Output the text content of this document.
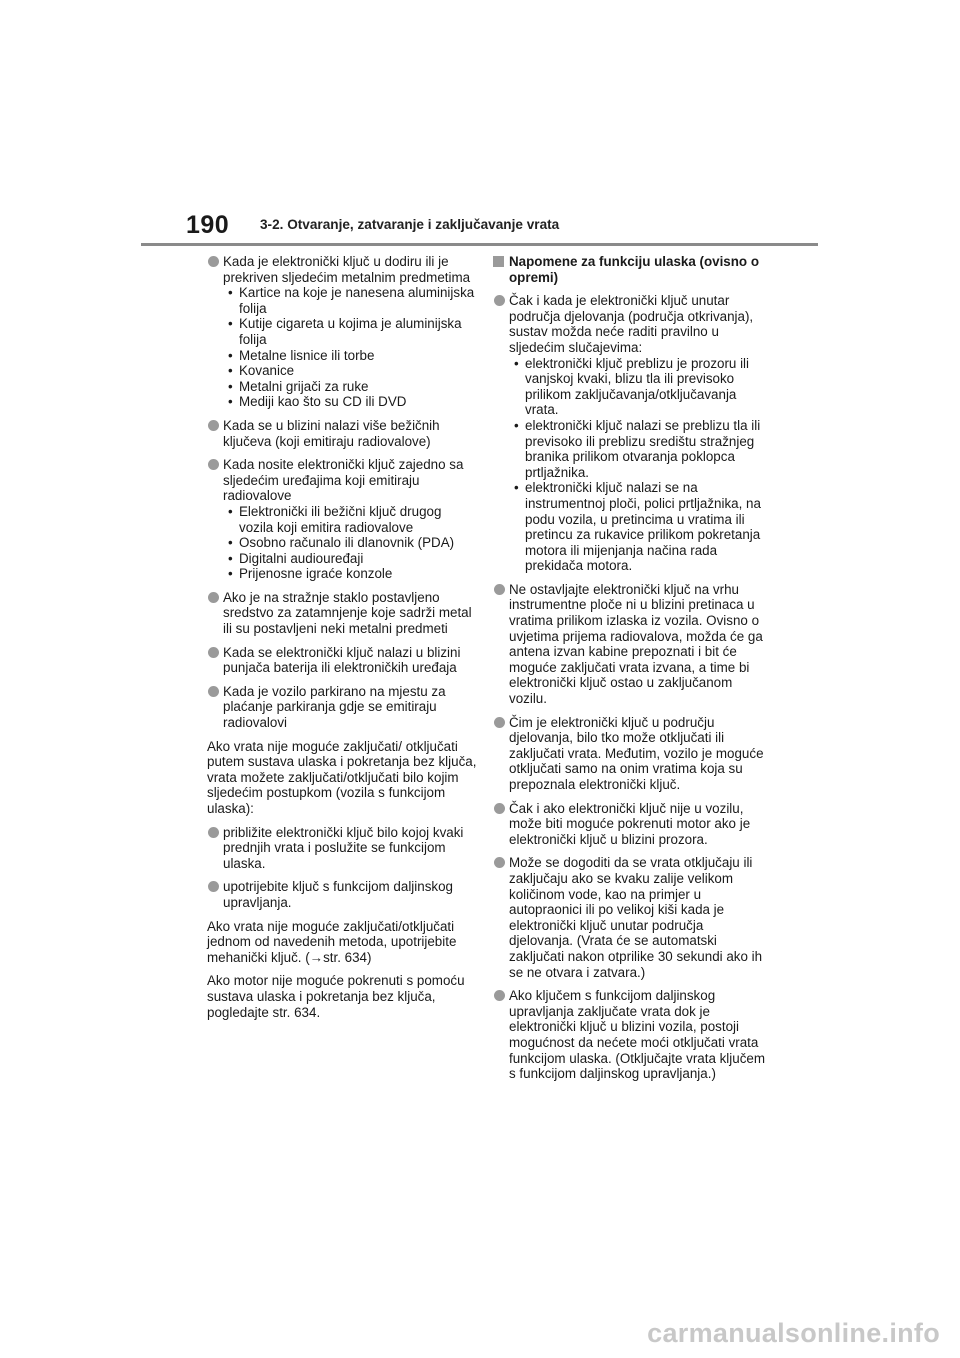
190 3-2. Otvaranje, zatvaranje i zaključavanje vrata
Kada je elektronički ključ u dodiru ili je prekriven sljedećim metalnim predmetima
• Kartice na koje je nanesena aluminijska folija
• Kutije cigareta u kojima je aluminijska folija
• Metalne lisnice ili torbe
• Kovanice
• Metalni grijači za ruke
• Mediji kao što su CD ili DVD
Kada se u blizini nalazi više bežičnih ključeva (koji emitiraju radiovalove)
Kada nosite elektronički ključ zajedno sa sljedećim uređajima koji emitiraju radiovalove
• Elektronički ili bežični ključ drugog vozila koji emitira radiovalove
• Osobno računalo ili dlanovnik (PDA)
• Digitalni audiouređaji
• Prijenosne igraće konzole
Ako je na stražnje staklo postavljeno sredstvo za zatamnjenje koje sadrži metal ili su postavljeni neki metalni predmeti
Kada se elektronički ključ nalazi u blizini punjača baterija ili elektroničkih uređaja
Kada je vozilo parkirano na mjestu za plaćanje parkiranja gdje se emitiraju radiovalovi
Ako vrata nije moguće zaključati/ otključati putem sustava ulaska i pokretanja bez ključa, vrata možete zaključati/otključati bilo kojim sljedećim postupkom (vozila s funkcijom ulaska):
približite elektronički ključ bilo kojoj kvaki prednjih vrata i poslužite se funkcijom ulaska.
upotrijebite ključ s funkcijom daljinskog upravljanja.
Ako vrata nije moguće zaključati/otključati jednom od navedenih metoda, upotrijebite mehanički ključ. (→str. 634)
Ako motor nije moguće pokrenuti s pomoću sustava ulaska i pokretanja bez ključa, pogledajte str. 634.
Napomene za funkciju ulaska (ovisno o opremi)
Čak i kada je elektronički ključ unutar područja djelovanja (područja otkrivanja), sustav možda neće raditi pravilno u sljedećim slučajevima:
• elektronički ključ preblizu je prozoru ili vanjskoj kvaki, blizu tla ili previsoko prilikom zaključavanja/otključavanja vrata.
• elektronički ključ nalazi se preblizu tla ili previsoko ili preblizu središtu stražnjeg branika prilikom otvaranja poklopca prtljažnika.
• elektronički ključ nalazi se na instrumentnoj ploči, polici prtljažnika, na podu vozila, u pretincima u vratima ili pretincu za rukavice prilikom pokretanja motora ili mijenjanja načina rada prekidača motora.
Ne ostavljajte elektronički ključ na vrhu instrumentne ploče ni u blizini pretinaca u vratima prilikom izlaska iz vozila. Ovisno o uvjetima prijema radiovalova, možda će ga antena izvan kabine prepoznati i bit će moguće zaključati vrata izvana, a time bi elektronički ključ ostao u zaključanom vozilu.
Čim je elektronički ključ u području djelovanja, bilo tko može otključati ili zaključati vrata. Međutim, vozilo je moguće otključati samo na onim vratima koja su prepoznala elektronički ključ.
Čak i ako elektronički ključ nije u vozilu, može biti moguće pokrenuti motor ako je elektronički ključ u blizini prozora.
Može se dogoditi da se vrata otključaju ili zaključaju ako se kvaku zalije velikom količinom vode, kao na primjer u autopraonici ili po velikoj kiši kada je elektronički ključ unutar područja djelovanja. (Vrata će se automatski zaključati nakon otprilike 30 sekundi ako ih se ne otvara i zatvara.)
Ako ključem s funkcijom daljinskog upravljanja zaključate vrata dok je elektronički ključ u blizini vozila, postoji mogućnost da nećete moći otključati vrata funkcijom ulaska. (Otključajte vrata ključem s funkcijom daljinskog upravljanja.)
carmanualsonline.info
